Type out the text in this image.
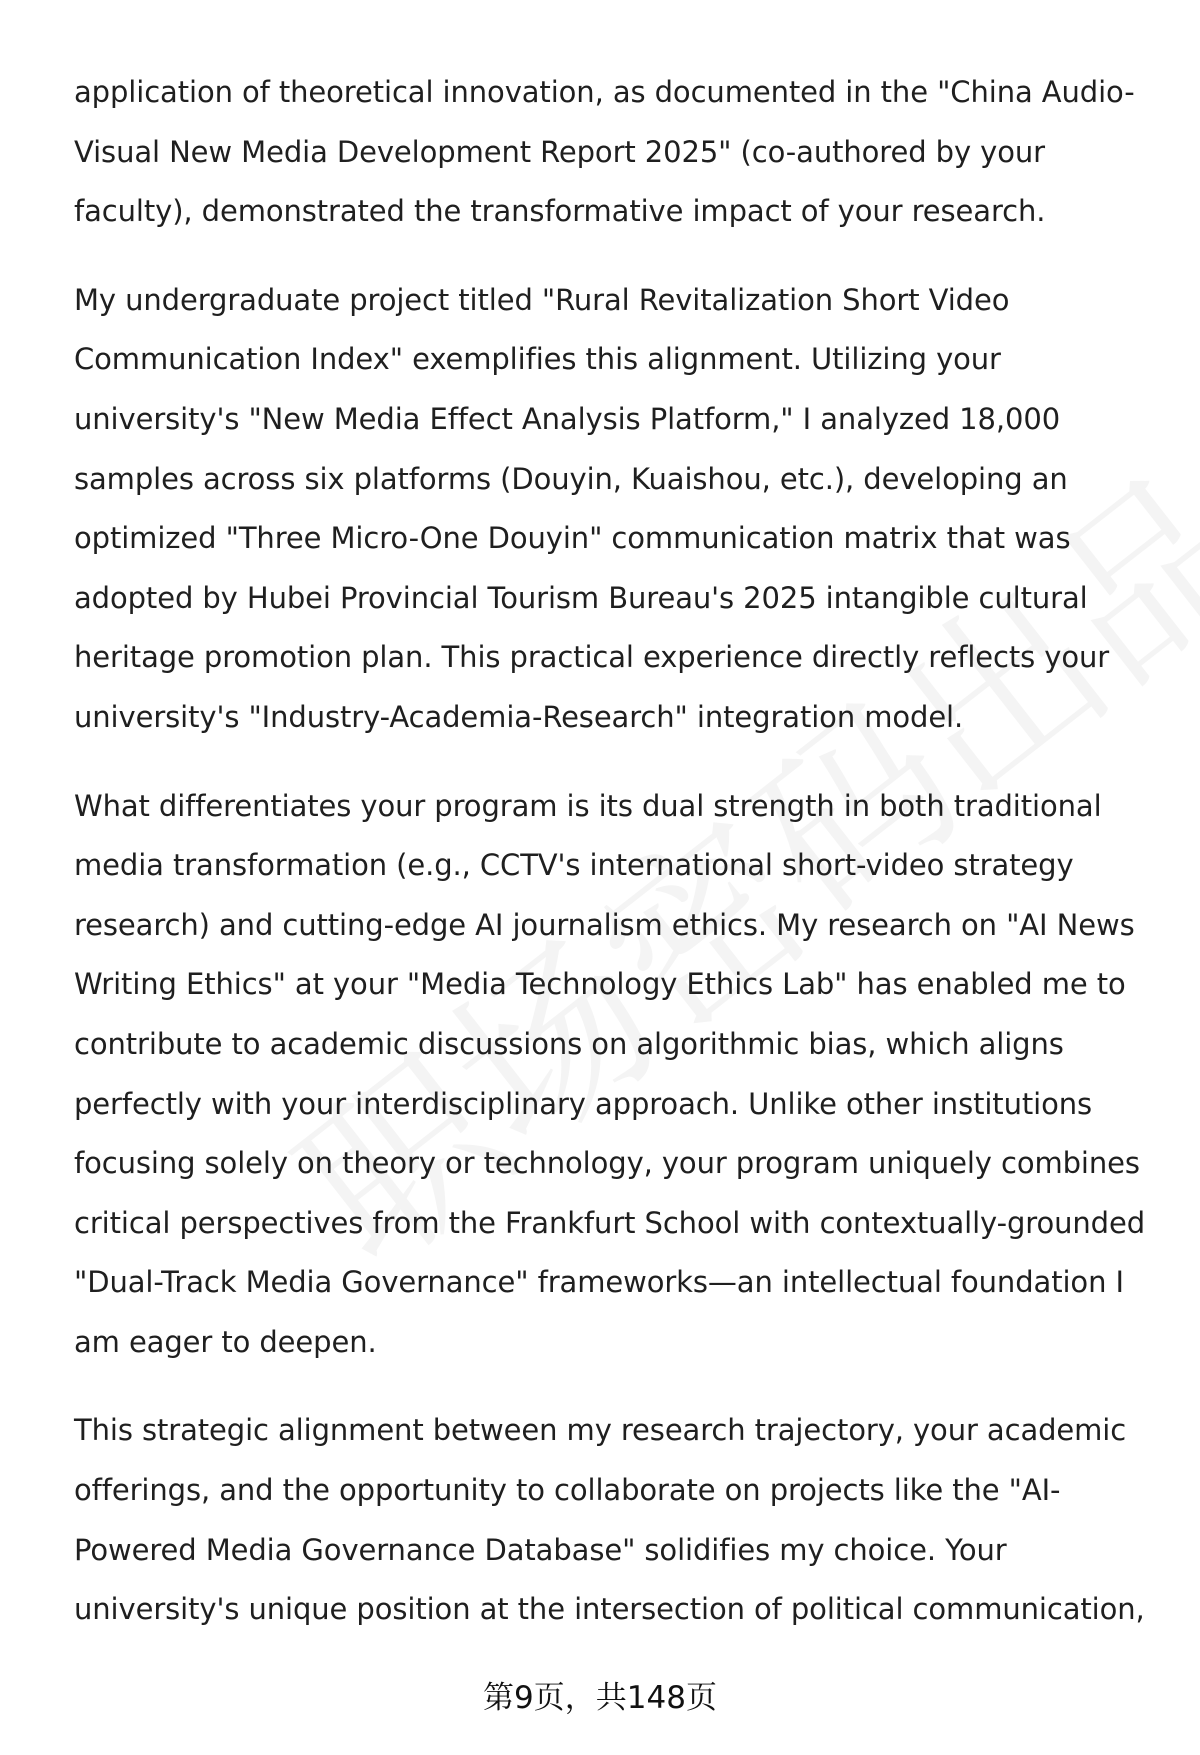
application of theoretical innovation, as documented in the "China Audio-Visual New Media Development Report 2025" (co-authored by your faculty), demonstrated the transformative impact of your research.

My undergraduate project titled "Rural Revitalization Short Video Communication Index" exemplifies this alignment. Utilizing your university's "New Media Effect Analysis Platform," I analyzed 18,000 samples across six platforms (Douyin, Kuaishou, etc.), developing an optimized "Three Micro-One Douyin" communication matrix that was adopted by Hubei Provincial Tourism Bureau's 2025 intangible cultural heritage promotion plan. This practical experience directly reflects your university's "Industry-Academia-Research" integration model.

What differentiates your program is its dual strength in both traditional media transformation (e.g., CCTV's international short-video strategy research) and cutting-edge AI journalism ethics. My research on "AI News Writing Ethics" at your "Media Technology Ethics Lab" has enabled me to contribute to academic discussions on algorithmic bias, which aligns perfectly with your interdisciplinary approach. Unlike other institutions focusing solely on theory or technology, your program uniquely combines critical perspectives from the Frankfurt School with contextually-grounded "Dual-Track Media Governance" frameworks—an intellectual foundation I am eager to deepen.

This strategic alignment between my research trajectory, your academic offerings, and the opportunity to collaborate on projects like the "AI-Powered Media Governance Database" solidifies my choice. Your university's unique position at the intersection of political communication,

第9页，共148页
